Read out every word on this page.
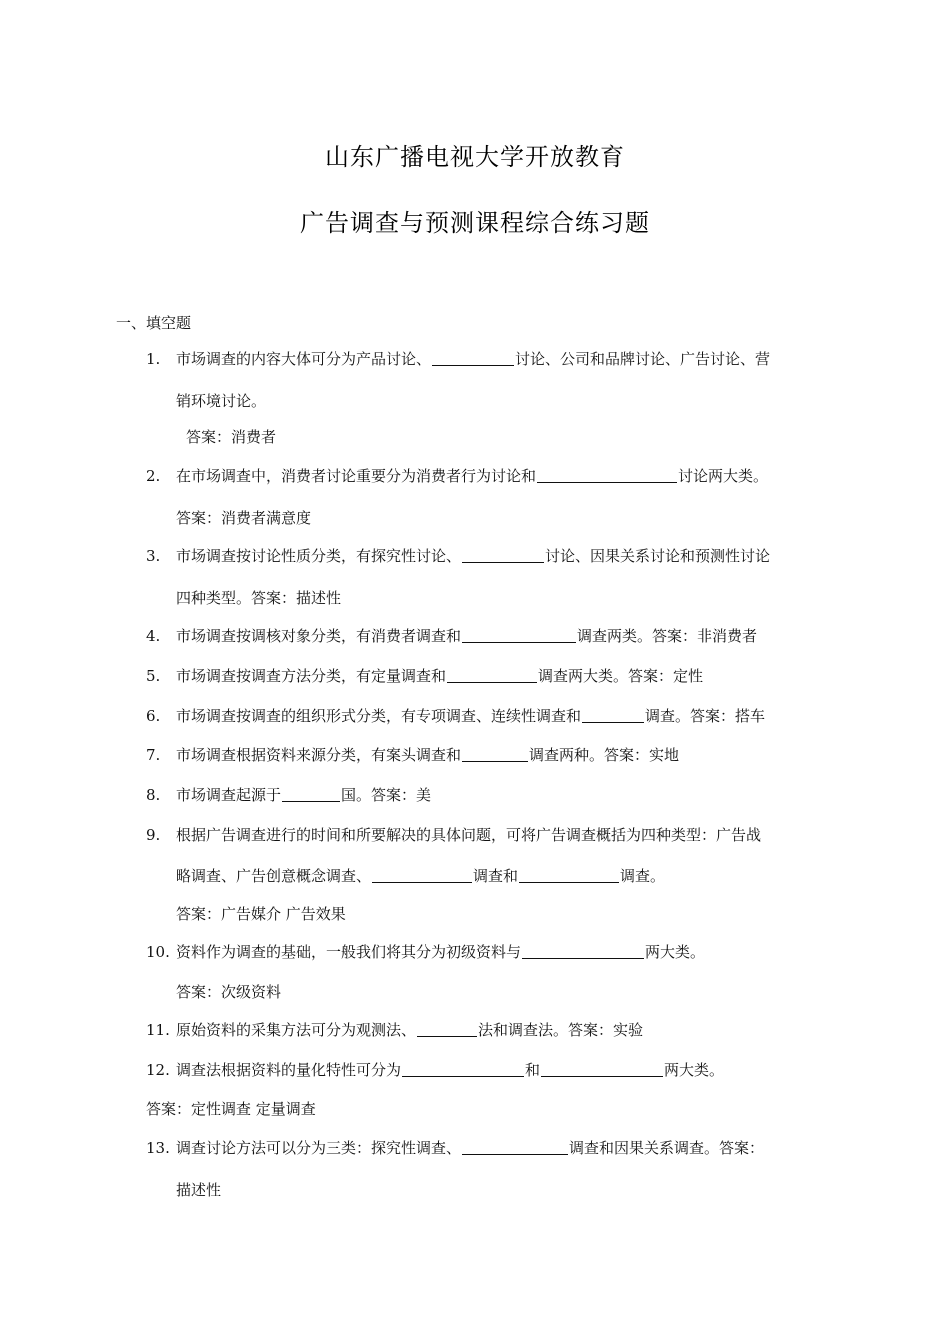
山东广播电视大学开放教育
广告调查与预测课程综合练习题
一、填空题
1. 市场调查的内容大体可分为产品讨论、	讨论、公司和品牌讨论、广告讨论、营
销环境讨论。
答案：消费者
2. 在市场调查中，消费者讨论重要分为消费者行为讨论和	讨论两大类。
答案：消费者满意度
3. 市场调查按讨论性质分类，有探究性讨论、	讨论、因果关系讨论和预测性讨论
四种类型。答案：描述性
4. 市场调查按调核对象分类，有消费者调查和	调查两类。答案：非消费者
5. 市场调查按调查方法分类，有定量调查和	调查两大类。答案：定性
6. 市场调查按调查的组织形式分类，有专项调查、连续性调查和	调查。答案：搭车
7. 市场调查根据资料来源分类，有案头调查和	调查两种。答案：实地
8. 市场调查起源于	国。答案：美
9. 根据广告调查进行的时间和所要解决的具体问题，可将广告调查概括为四种类型：广告战
略调查、广告创意概念调查、	调查和	调查。
答案：广告媒介 广告效果
10. 资料作为调查的基础，一般我们将其分为初级资料与	两大类。
答案：次级资料
11. 原始资料的采集方法可分为观测法、	法和调查法。答案：实验
12. 调查法根据资料的量化特性可分为	和	两大类。
答案：定性调查 定量调查
13. 调查讨论方法可以分为三类：探究性调查、	调查和因果关系调查。答案：
描述性
